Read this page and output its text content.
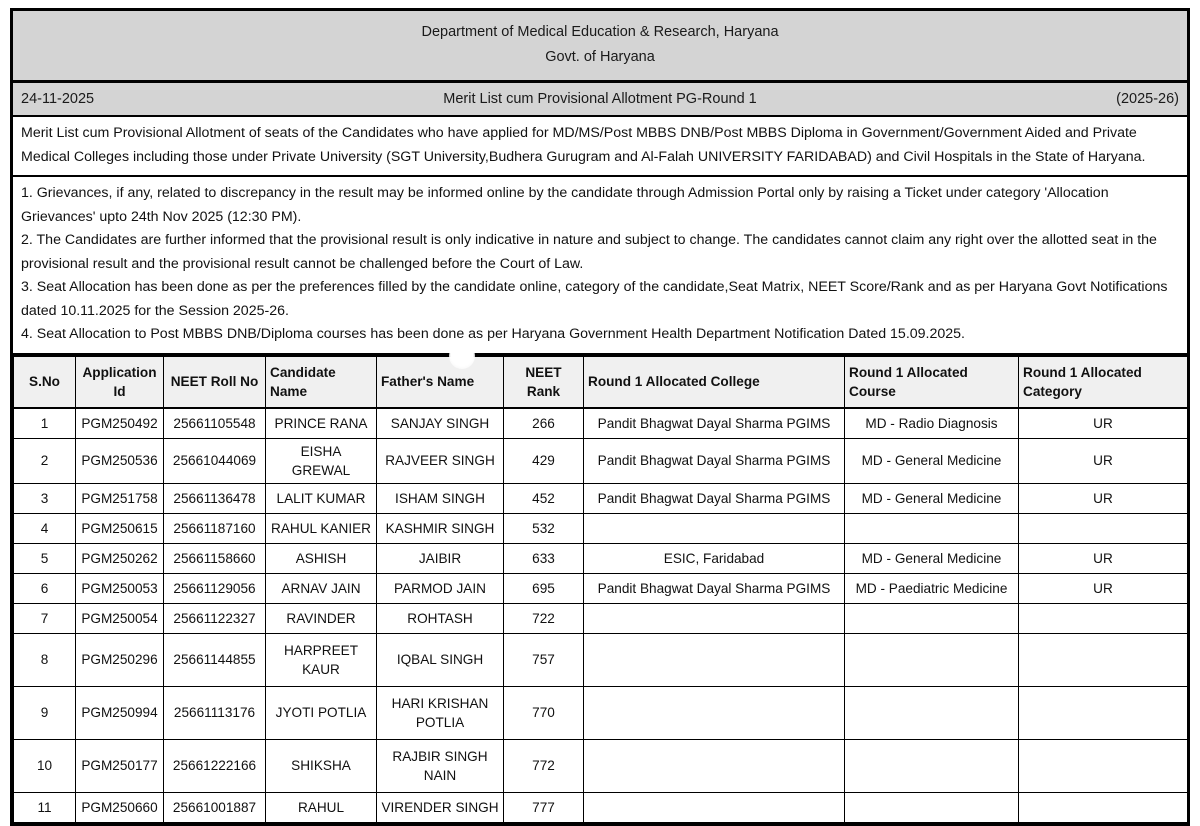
Department of Medical Education & Research, Haryana
Govt. of Haryana
24-11-2025	Merit List cum Provisional Allotment PG-Round 1	(2025-26)

Merit List cum Provisional Allotment of seats of the Candidates who have applied for MD/MS/Post MBBS DNB/Post MBBS Diploma in Government/Government Aided and Private Medical Colleges including those under Private University (SGT University,Budhera Gurugram and Al-Falah UNIVERSITY FARIDABAD) and Civil Hospitals in the State of Haryana.

1. Grievances, if any, related to discrepancy in the result may be informed online by the candidate through Admission Portal only by raising a Ticket under category 'Allocation Grievances' upto 24th Nov 2025 (12:30 PM).

2. The Candidates are further informed that the provisional result is only indicative in nature and subject to change. The candidates cannot claim any right over the allotted seat in the provisional result and the provisional result cannot be challenged before the Court of Law.

3. Seat Allocation has been done as per the preferences filled by the candidate online, category of the candidate,Seat Matrix, NEET Score/Rank and as per Haryana Govt Notifications dated 10.11.2025 for the Session 2025-26.

4. Seat Allocation to Post MBBS DNB/Diploma courses has been done as per Haryana Government Health Department Notification Dated 15.09.2025.

S.No	Application Id	NEET Roll No	Candidate Name	Father's Name	NEET Rank	Round 1 Allocated College	Round 1 Allocated Course	Round 1 Allocated Category
1	PGM250492	25661105548	PRINCE RANA	SANJAY SINGH	266	Pandit Bhagwat Dayal Sharma PGIMS	MD - Radio Diagnosis	UR
2	PGM250536	25661044069	EISHA GREWAL	RAJVEER SINGH	429	Pandit Bhagwat Dayal Sharma PGIMS	MD - General Medicine	UR
3	PGM251758	25661136478	LALIT KUMAR	ISHAM SINGH	452	Pandit Bhagwat Dayal Sharma PGIMS	MD - General Medicine	UR
4	PGM250615	25661187160	RAHUL KANIER	KASHMIR SINGH	532			
5	PGM250262	25661158660	ASHISH	JAIBIR	633	ESIC, Faridabad	MD - General Medicine	UR
6	PGM250053	25661129056	ARNAV JAIN	PARMOD JAIN	695	Pandit Bhagwat Dayal Sharma PGIMS	MD - Paediatric Medicine	UR
7	PGM250054	25661122327	RAVINDER	ROHTASH	722			
8	PGM250296	25661144855	HARPREET KAUR	IQBAL SINGH	757			
9	PGM250994	25661113176	JYOTI POTLIA	HARI KRISHAN POTLIA	770			
10	PGM250177	25661222166	SHIKSHA	RAJBIR SINGH NAIN	772			
11	PGM250660	25661001887	RAHUL	VIRENDER SINGH	777			
